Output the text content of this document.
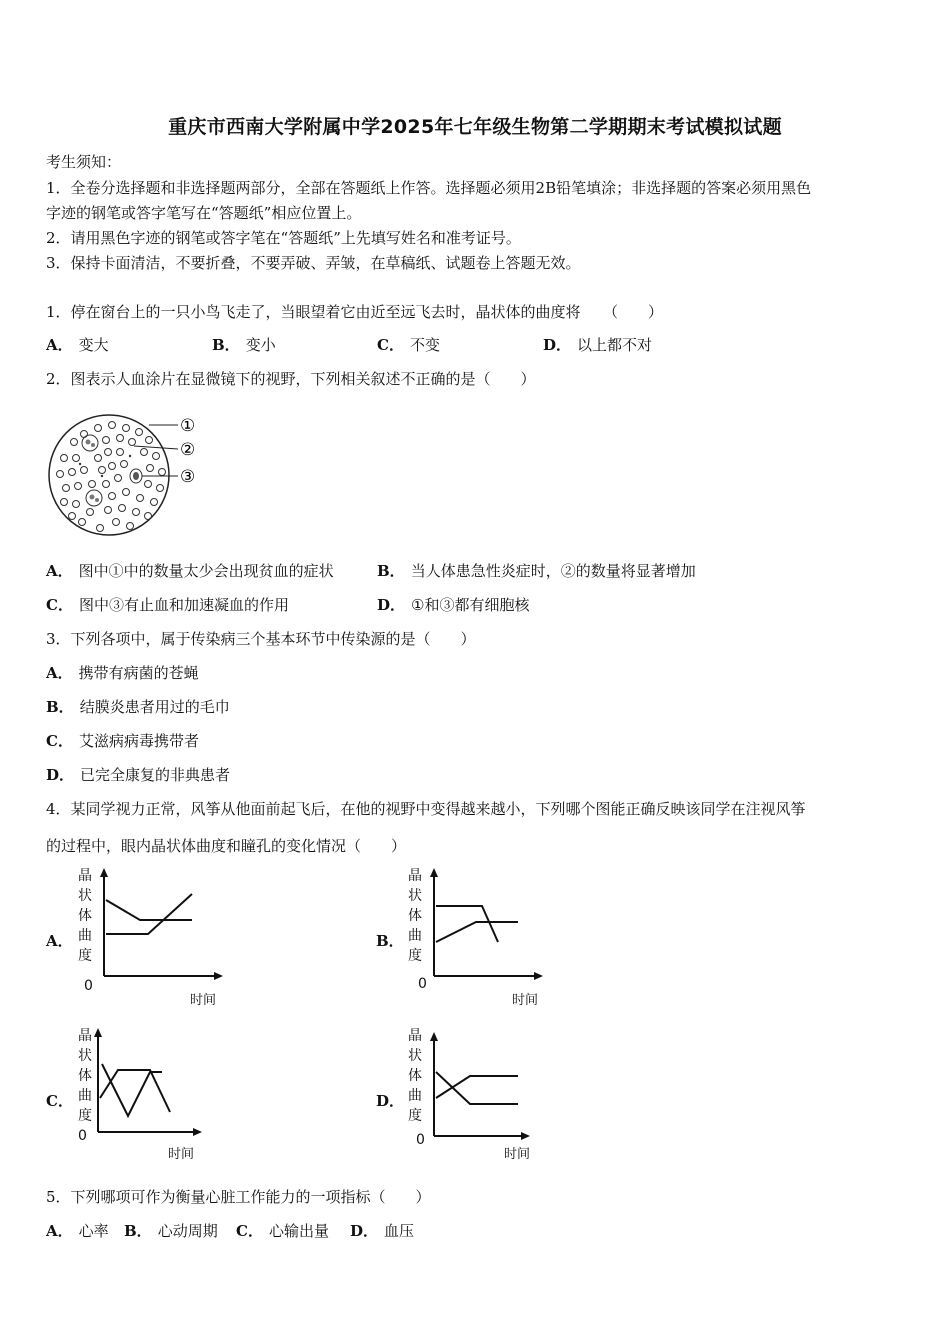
重庆市西南大学附属中学2025年七年级生物第二学期期末考试模拟试题
考生须知：
1．全卷分选择题和非选择题两部分，全部在答题纸上作答。选择题必须用2B铅笔填涂；非选择题的答案必须用黑色
字迹的钢笔或答字笔写在“答题纸”相应位置上。
2．请用黑色字迹的钢笔或答字笔在“答题纸”上先填写姓名和准考证号。
3．保持卡面清洁，不要折叠，不要弄破、弄皱，在草稿纸、试题卷上答题无效。
1．停在窗台上的一只小鸟飞走了，当眼望着它由近至远飞去时，晶状体的曲度将　　（　　）
A． 变大	B． 变小	C． 不变	D． 以上都不对
2．图表示人血涂片在显微镜下的视野，下列相关叙述不正确的是（　　）
①
②
③
A． 图中①中的数量太少会出现贫血的症状	B． 当人体患急性炎症时，②的数量将显著增加
C． 图中③有止血和加速凝血的作用	D． ①和③都有细胞核
3．下列各项中，属于传染病三个基本环节中传染源的是（　　）
A． 携带有病菌的苍蝇
B． 结膜炎患者用过的毛巾
C． 艾滋病病毒携带者
D． 已完全康复的非典患者
4．某同学视力正常，风筝从他面前起飞后，在他的视野中变得越来越小，下列哪个图能正确反映该同学在注视风筝
的过程中，眼内晶状体曲度和瞳孔的变化情况（　　）
A．
晶
状
体
曲
度
0
时间
B．
晶
状
体
曲
度
0
时间
C．
晶
状
体
曲
度
0
时间
D．
晶
状
体
曲
度
0
时间
5．下列哪项可作为衡量心脏工作能力的一项指标（　　）
A． 心率 B． 心动周期 C． 心输出量 D． 血压
